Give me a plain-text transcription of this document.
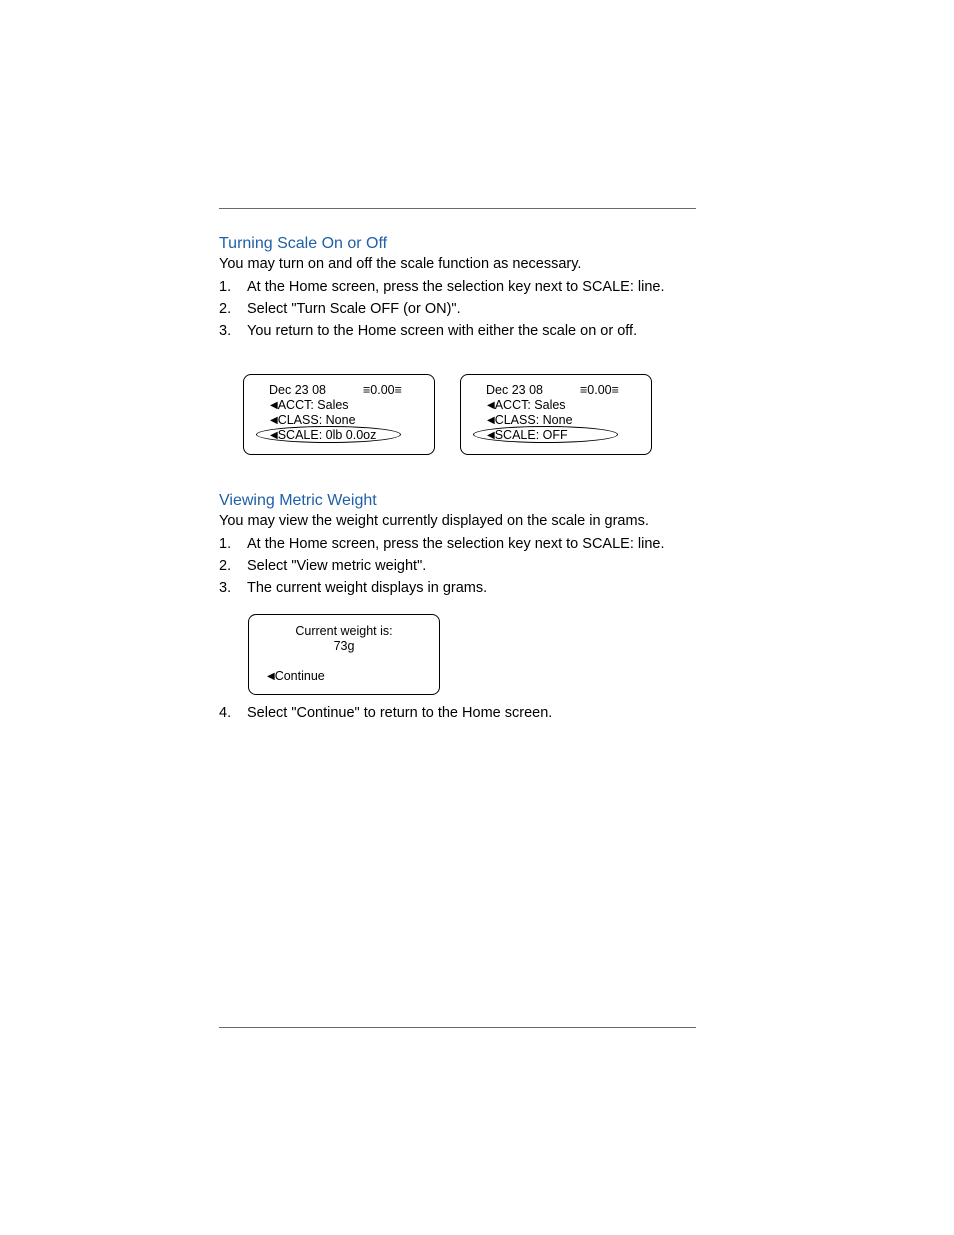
Turning Scale On or Off
You may turn on and off the scale function as necessary.
1. At the Home screen, press the selection key next to SCALE: line.
2. Select "Turn Scale OFF (or ON)".
3. You return to the Home screen with either the scale on or off.
Dec 23 08	≡0.00≡
◀ACCT: Sales
◀CLASS: None
◀SCALE: 0lb 0.0oz
Dec 23 08	≡0.00≡
◀ACCT: Sales
◀CLASS: None
◀SCALE: OFF
Viewing Metric Weight
You may view the weight currently displayed on the scale in grams.
1. At the Home screen, press the selection key next to SCALE: line.
2. Select "View metric weight".
3. The current weight displays in grams.
Current weight is:
73g
◀Continue
4. Select "Continue" to return to the Home screen.
